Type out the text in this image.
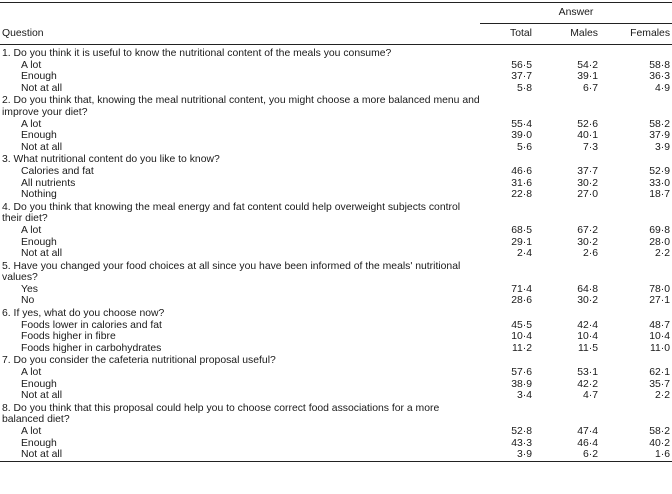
	Answer		
Question	Total	Males	Females
1. Do you think it is useful to know the nutritional content of the meals you consume?			
A lot	56·5	54·2	58·8
Enough	37·7	39·1	36·3
Not at all	5·8	6·7	4·9
2. Do you think that, knowing the meal nutritional content, you might choose a more balanced menu and improve your diet?			
A lot	55·4	52·6	58·2
Enough	39·0	40·1	37·9
Not at all	5·6	7·3	3·9
3. What nutritional content do you like to know?			
Calories and fat	46·6	37·7	52·9
All nutrients	31·6	30·2	33·0
Nothing	22·8	27·0	18·7
4. Do you think that knowing the meal energy and fat content could help overweight subjects control their diet?			
A lot	68·5	67·2	69·8
Enough	29·1	30·2	28·0
Not at all	2·4	2·6	2·2
5. Have you changed your food choices at all since you have been informed of the meals' nutritional values?			
Yes	71·4	64·8	78·0
No	28·6	30·2	27·1
6. If yes, what do you choose now?			
Foods lower in calories and fat	45·5	42·4	48·7
Foods higher in fibre	10·4	10·4	10·4
Foods higher in carbohydrates	11·2	11·5	11·0
7. Do you consider the cafeteria nutritional proposal useful?			
A lot	57·6	53·1	62·1
Enough	38·9	42·2	35·7
Not at all	3·4	4·7	2·2
8. Do you think that this proposal could help you to choose correct food associations for a more balanced diet?			
A lot	52·8	47·4	58·2
Enough	43·3	46·4	40·2
Not at all	3·9	6·2	1·6
